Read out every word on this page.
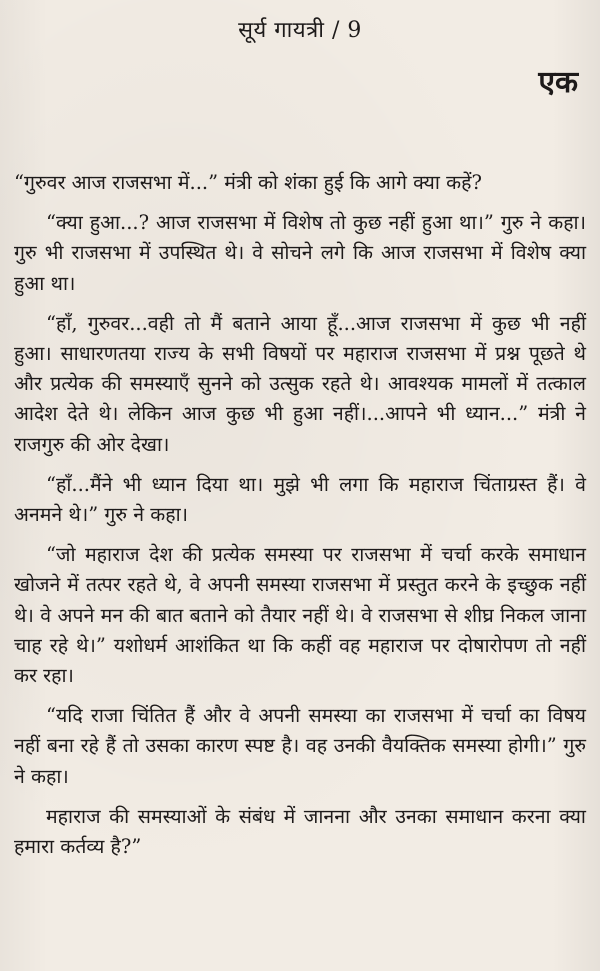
सूर्य गायत्री / 9
एक

“गुरुवर आज राजसभा में...” मंत्री को शंका हुई कि आगे क्या कहें?

“क्या हुआ...? आज राजसभा में विशेष तो कुछ नहीं हुआ था।” गुरु ने कहा। गुरु भी राजसभा में उपस्थित थे। वे सोचने लगे कि आज राजसभा में विशेष क्या हुआ था।

“हाँ, गुरुवर...वही तो मैं बताने आया हूँ...आज राजसभा में कुछ भी नहीं हुआ। साधारणतया राज्य के सभी विषयों पर महाराज राजसभा में प्रश्न पूछते थे और प्रत्येक की समस्याएँ सुनने को उत्सुक रहते थे। आवश्यक मामलों में तत्काल आदेश देते थे। लेकिन आज कुछ भी हुआ नहीं।...आपने भी ध्यान...” मंत्री ने राजगुरु की ओर देखा।

“हाँ...मैंने भी ध्यान दिया था। मुझे भी लगा कि महाराज चिंताग्रस्त हैं। वे अनमने थे।” गुरु ने कहा।

“जो महाराज देश की प्रत्येक समस्या पर राजसभा में चर्चा करके समाधान खोजने में तत्पर रहते थे, वे अपनी समस्या राजसभा में प्रस्तुत करने के इच्छुक नहीं थे। वे अपने मन की बात बताने को तैयार नहीं थे। वे राजसभा से शीघ्र निकल जाना चाह रहे थे।” यशोधर्म आशंकित था कि कहीं वह महाराज पर दोषारोपण तो नहीं कर रहा।

“यदि राजा चिंतित हैं और वे अपनी समस्या का राजसभा में चर्चा का विषय नहीं बना रहे हैं तो उसका कारण स्पष्ट है। वह उनकी वैयक्तिक समस्या होगी।” गुरु ने कहा।

महाराज की समस्याओं के संबंध में जानना और उनका समाधान करना क्या हमारा कर्तव्य है?”
